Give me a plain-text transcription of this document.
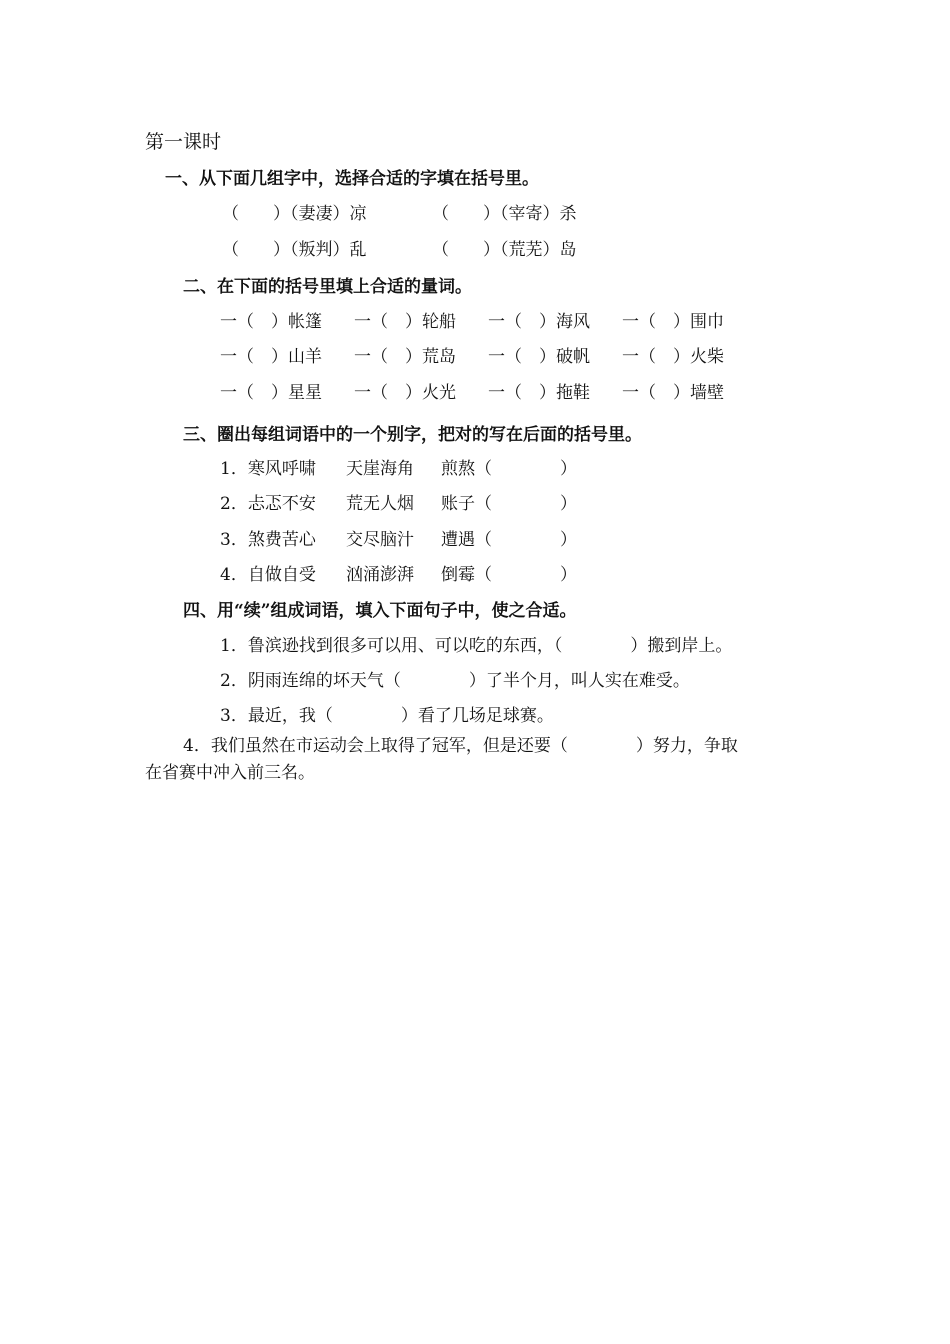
第一课时
一、从下面几组字中，选择合适的字填在括号里。
（　　）（妻凄）凉	（　　）（宰寄）杀
（　　）（叛判）乱	（　　）（荒芜）岛
二、在下面的括号里填上合适的量词。
一（　）帐篷 一（　）轮船 一（　）海风 一（　）围巾
一（　）山羊 一（　）荒岛 一（　）破帆 一（　）火柴
一（　）星星 一（　）火光 一（　）拖鞋 一（　）墙壁
三、圈出每组词语中的一个别字，把对的写在后面的括号里。
1．寒风呼啸 天崖海角 煎熬（　　　　）
2．忐忑不安 荒无人烟 账子（　　　　）
3．煞费苦心 交尽脑汁 遭遇（　　　　）
4．自做自受 汹涌澎湃 倒霉（　　　　）
四、用“续”组成词语，填入下面句子中，使之合适。
1．鲁滨逊找到很多可以用、可以吃的东西，（　　　　）搬到岸上。
2．阴雨连绵的坏天气（　　　　）了半个月，叫人实在难受。
3．最近，我（　　　　）看了几场足球赛。
4．我们虽然在市运动会上取得了冠军，但是还要（　　　　）努力，争取
在省赛中冲入前三名。
